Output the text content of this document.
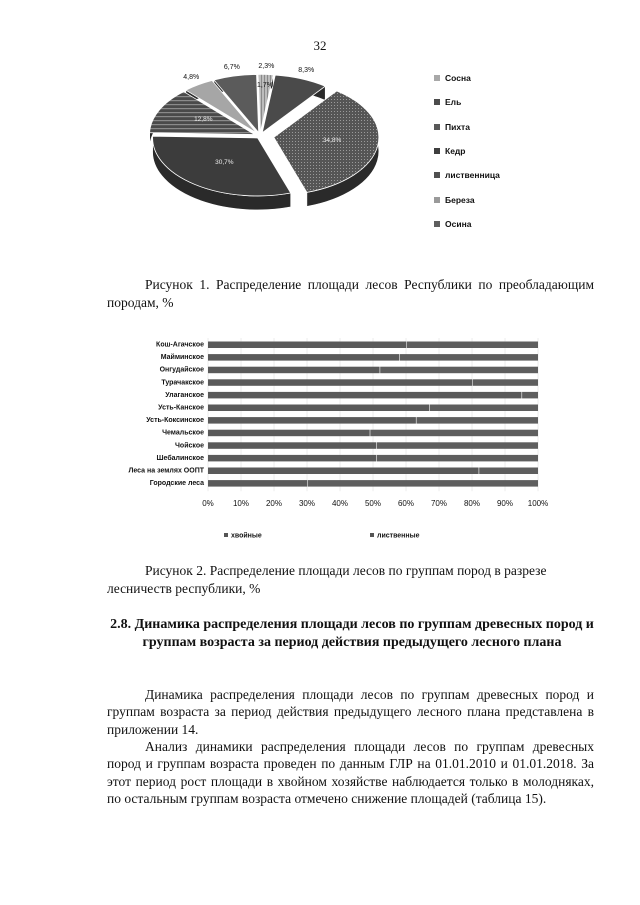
32
2,3%
8,3%
34,8%
30,7%
12,8%
4,8%
6,7%
1,7%
Сосна
Ель
Пихта
Кедр
лиственница
Береза
Осина
Рисунок 1. Распределение площади лесов Республики по преобладающим породам, %
0% 10% 20% 30% 40% 50% 60% 70% 80% 90% 100%
Кош-Агачское
Майминское
Онгудайское
Турачакское
Улаганское
Усть-Канское
Усть-Коксинское
Чемальское
Чойское
Шебалинское
Леса на землях ООПТ
Городские леса
хвойные	лиственные
Рисунок 2. Распределение площади лесов по группам пород в разрезе лесничеств республики, %
2.8. Динамика распределения площади лесов по группам древесных пород и группам возраста за период действия предыдущего лесного плана
Динамика распределения площади лесов по группам древесных пород и группам возраста за период действия предыдущего лесного плана представлена в приложении 14.
Анализ динамики распределения площади лесов по группам древесных пород и группам возраста проведен по данным ГЛР на 01.01.2010 и 01.01.2018. За этот период рост площади в хвойном хозяйстве наблюдается только в молодняках, по остальным группам возраста отмечено снижение площадей (таблица 15).
